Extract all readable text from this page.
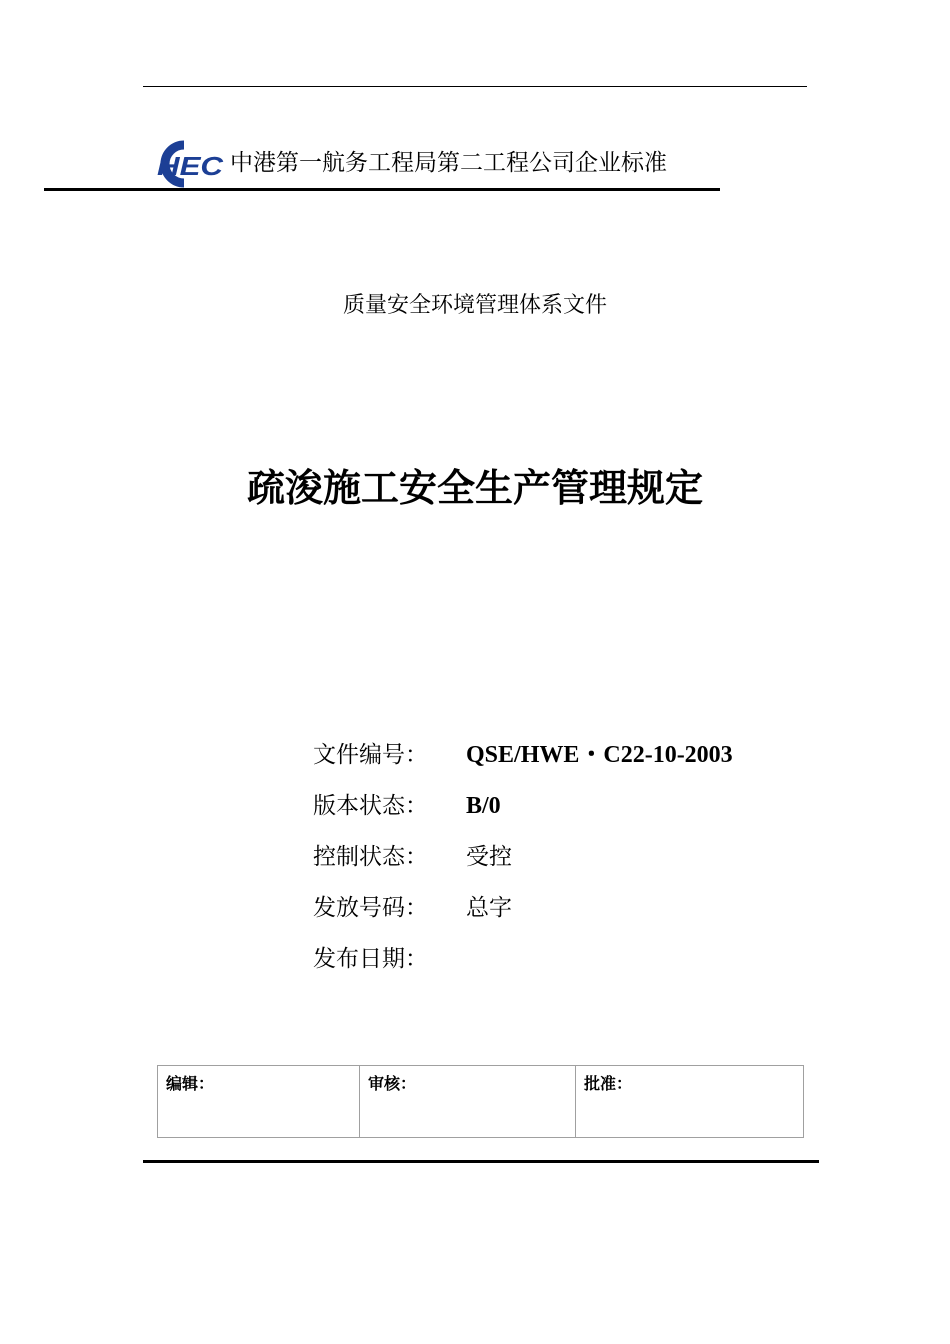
HEC 中港第一航务工程局第二工程公司企业标准
质量安全环境管理体系文件
疏浚施工安全生产管理规定
文件编号： QSE/HWE・C22-10-2003
版本状态： B/0
控制状态： 受控
发放号码： 总字
发布日期：
编辑：	审核：	批准：
